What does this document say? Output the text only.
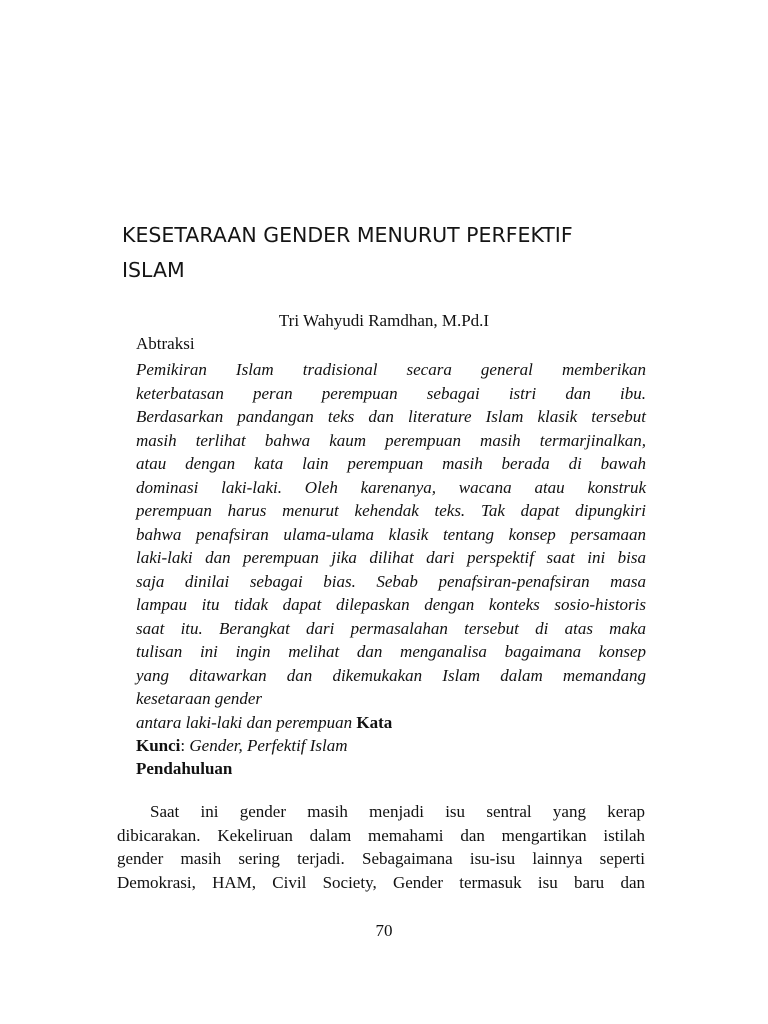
KESETARAAN GENDER MENURUT PERFEKTIF
ISLAM
Tri Wahyudi Ramdhan, M.Pd.I
Abtraksi
Pemikiran Islam tradisional secara general memberikan
keterbatasan peran perempuan sebagai istri dan ibu.
Berdasarkan pandangan teks dan literature Islam klasik tersebut
masih terlihat bahwa kaum perempuan masih termarjinalkan,
atau dengan kata lain perempuan masih berada di bawah
dominasi laki-laki. Oleh karenanya, wacana atau konstruk
perempuan harus menurut kehendak teks. Tak dapat dipungkiri
bahwa penafsiran ulama-ulama klasik tentang konsep persamaan
laki-laki dan perempuan jika dilihat dari perspektif saat ini bisa
saja dinilai sebagai bias. Sebab penafsiran-penafsiran masa
lampau itu tidak dapat dilepaskan dengan konteks sosio-historis
saat itu. Berangkat dari permasalahan tersebut di atas maka
tulisan ini ingin melihat dan menganalisa bagaimana konsep
yang ditawarkan dan dikemukakan Islam dalam memandang
kesetaraan gender
antara laki-laki dan perempuan Kata
Kunci: Gender, Perfektif Islam
Pendahuluan
Saat ini gender masih menjadi isu sentral yang kerap
dibicarakan. Kekeliruan dalam memahami dan mengartikan istilah
gender masih sering terjadi. Sebagaimana isu-isu lainnya seperti
Demokrasi, HAM, Civil Society, Gender termasuk isu baru dan
70
